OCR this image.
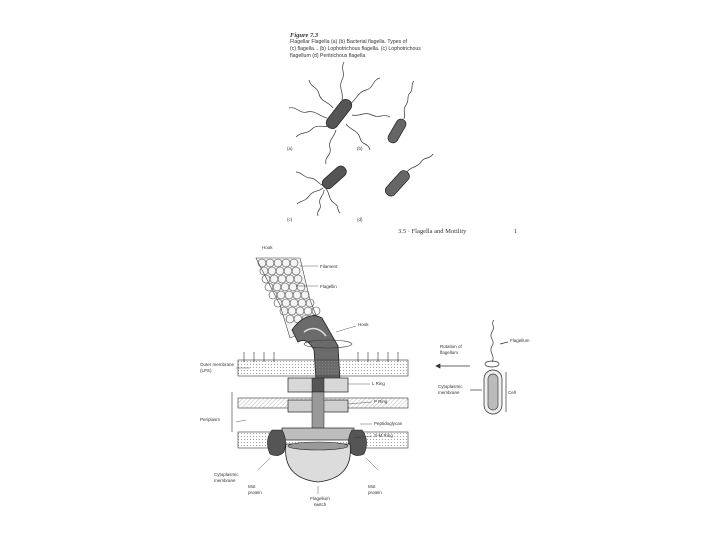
Figure 7.3
Flagellar Flagella (a) (b) Bacterial flagella. Types of
(c) flagella... (b) Lophotrichous flagella. (c) Lophotrichous
flagellum (d) Peritrichous flagella
(a)	(b)
(c)	(d)
3.5 · Flagella and Motility	1
Hook
Filament
Flagellin
Hook
L Ring
Outer membrane (LPS)
P Ring
Periplasm
Peptidoglycan
S-M Ring
Cytoplasmic membrane
Mot protein
Mot protein
Flagellum switch
Flagellum
Rotation of flagellum
Cytoplasmic membrane	Cell
